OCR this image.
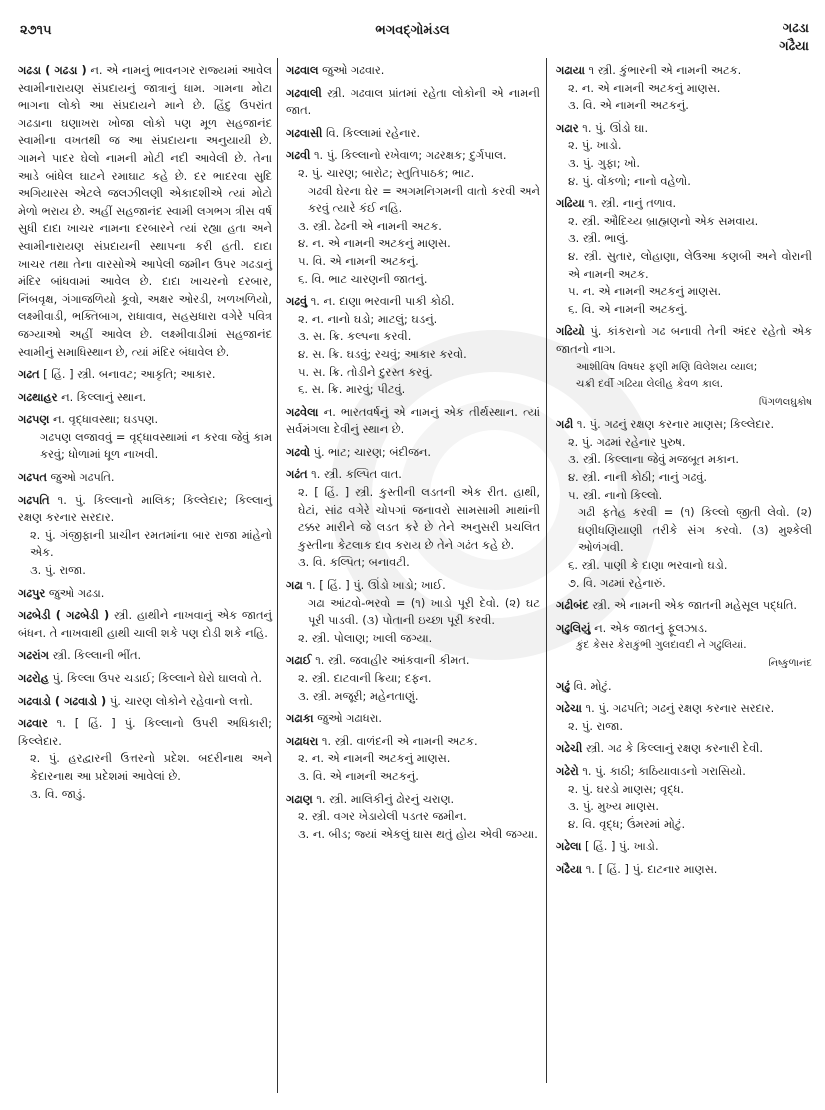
૨૭૧૫	ભગવદ્ગોમંડલ	ગઢડા
ગઢૈયા
ગઢડા ( ગઢડા ) ન. એ નામનું ભાવનગર રાજ્યમાં આવેલ સ્વામીનારાયણ સંપ્રદાયનું જાત્રાનું ધામ. ગામના મોટા ભાગના લોકો આ સંપ્રદાયને માને છે. હિંદુ ઉપરાંત ગઢડાના ઘણાખરા ખોજા લોકો પણ મૂળ સહજાનંદ સ્વામીના વખતથી જ આ સંપ્રદાયના અનુયાયી છે. ગામને પાદર ઘેલો નામની મોટી નદી આવેલી છે. તેના આડે બાંધેલ ઘાટને રમાઘાટ કહે છે. દર ભાદરવા સુદિ અગિયારસ એટલે જલઝીલણી એકાદશીએ ત્યાં મોટો મેળો ભરાય છે. અહીં સહજાનંદ સ્વામી લગભગ ત્રીસ વર્ષ સુધી દાદા ખાચર નામના દરબારને ત્યાં રહ્યા હતા અને સ્વામીનારાયણ સંપ્રદાયની સ્થાપના કરી હતી. દાદા ખાચર તથા તેના વારસોએ આપેલી જમીન ઉપર ગઢડાનું મંદિર બાંધવામાં આવેલ છે. દાદા ખાચરનો દરબાર, નિંબવૃક્ષ, ગંગાજળિયો કૂવો, અક્ષર ઓરડી, ખળખળિયો, લક્ષ્મીવાડી, ભક્તિબાગ, રાધાવાવ, સહસ્રધારા વગેરે પવિત્ર જગ્યાઓ અહીં આવેલ છે. લક્ષ્મીવાડીમાં સહજાનંદ સ્વામીનું સમાધિસ્થાન છે, ત્યાં મંદિર બંધાવેલ છે.
ગઢત [ હિં. ] સ્ત્રી. બનાવટ; આકૃતિ; આકાર.
ગઢથાહર ન. કિલ્લાનું સ્થાન.
ગઢપણ ન. વૃદ્ધાવસ્થા; ઘડપણ.
ગઢપણ લજાવવું = વૃદ્ધાવસ્થામાં ન કરવા જેવું કામ કરવું; ધોળામાં ધૂળ નાખવી.
ગઢપત જુઓ ગઢપતિ.
ગઢપતિ ૧. પું. કિલ્લાનો માલિક; કિલ્લેદાર; કિલ્લાનું રક્ષણ કરનાર સરદાર.
૨. પું. ગંજીફાની પ્રાચીન રમતમાંના બાર રાજા માંહેનો એક.
૩. પું. રાજા.
ગઢપુર જુઓ ગઢડા.
ગઢબેડી ( ગઢબેડી ) સ્ત્રી. હાથીને નાખવાનું એક જાતનું બંધન. તે નાખવાથી હાથી ચાલી શકે પણ દોડી શકે નહિ.
ગઢરાંગ સ્ત્રી. કિલ્લાની ભીંત.
ગઢરોહ પું. કિલ્લા ઉપર ચડાઈ; કિલ્લાને ઘેરો ઘાલવો તે.
ગઢવાડો ( ગઢવાડો ) પું. ચારણ લોકોને રહેવાનો લત્તો.
ગઢવાર ૧. [ હિં. ] પું. કિલ્લાનો ઉપરી અધિકારી; કિલ્લેદાર.
૨. પું. હરદ્વારની ઉત્તરનો પ્રદેશ. બદરીનાથ અને કેદારનાથ આ પ્રદેશમાં આવેલાં છે.
૩. વિ. જાડું.
ગઢવાલ જુઓ ગઢવાર.
ગઢવાલી સ્ત્રી. ગઢવાલ પ્રાંતમાં રહેતા લોકોની એ નામની જાત.
ગઢવાસી વિ. કિલ્લામાં રહેનાર.
ગઢવી ૧. પું. કિલ્લાનો રખેવાળ; ગઢરક્ષક; દુર્ગપાલ.
૨. પું. ચારણ; બારોટ; સ્તુતિપાઠક; ભાટ.
ગઢવી ઘેરના ઘેર = અગમનિગમની વાતો કરવી અને કરવું ત્યારે કંઈ નહિ.
૩. સ્ત્રી. ઢેઢની એ નામની અટક.
૪. ન. એ નામની અટકનું માણસ.
૫. વિ. એ નામની અટકનું.
૬. વિ. ભાટ ચારણની જાતનું.
ગઢવું ૧. ન. દાણા ભરવાની પાકી કોઠી.
૨. ન. નાનો ઘડો; માટલું; ઘડનું.
૩. સ. ક્રિ. કલ્પના કરવી.
૪. સ. ક્રિ. ઘડવું; રચવું; આકાર કરવો.
૫. સ. ક્રિ. તોડીને દુરસ્ત કરવું.
૬. સ. ક્રિ. મારવું; પીટવું.
ગઢવેલા ન. ભારતવર્ષનું એ નામનું એક તીર્થસ્થાન. ત્યાં સર્વમંગલા દેવીનું સ્થાન છે.
ગઢવો પું. ભાટ; ચારણ; બંદીજન.
ગઢંત ૧. સ્ત્રી. કલ્પિત વાત.
૨. [ હિં. ] સ્ત્રી. કુસ્તીની લડતની એક રીત. હાથી, ઘેટાં, સાંઢ વગેરે ચોપગાં જનાવરો સામસામી માથાંની ટક્કર મારીને જે લડત કરે છે તેને અનુસરી પ્રચલિત કુસ્તીના કેટલાક દાવ કરાય છે તેને ગઢંત કહે છે.
૩. વિ. કલ્પિત; બનાવટી.
ગઢા ૧. [ હિં. ] પું. ઊંડો ખાડો; ખાઈ.
ગઢા આંટવો-ભરવો = (૧) ખાડો પૂરી દેવો. (૨) ઘટ પૂરી પાડવી. (૩) પોતાની ઇચ્છા પૂરી કરવી.
૨. સ્ત્રી. પોલાણ; ખાલી જગ્યા.
ગઢાઈ ૧. સ્ત્રી. જવાહીર આંકવાની કીમત.
૨. સ્ત્રી. દાટવાની ક્રિયા; દફન.
૩. સ્ત્રી. મજૂરી; મહેનતાણું.
ગઢાકા જુઓ ગઢાધરા.
ગઢાધરા ૧. સ્ત્રી. વાળંદની એ નામની અટક.
૨. ન. એ નામની અટકનું માણસ.
૩. વિ. એ નામની અટકનું.
ગઢાણ ૧. સ્ત્રી. માલિકીનું ઢોરનું ચરાણ.
૨. સ્ત્રી. વગર ખેડાયેલી પડતર જમીન.
૩. ન. બીડ; જ્યાં એકલું ઘાસ થતું હોય એવી જગ્યા.
ગઢાયા ૧ સ્ત્રી. કુંભારની એ નામની અટક.
૨. ન. એ નામની અટકનું માણસ.
૩. વિ. એ નામની અટકનું.
ગઢાર ૧. પું. ઊંડો ઘા.
૨. પું. ખાડો.
૩. પું. ગુફા; ખો.
૪. પું. વોંકળો; નાનો વહેળો.
ગઢિયા ૧. સ્ત્રી. નાનું તળાવ.
૨. સ્ત્રી. ઔદિચ્ય બ્રાહ્મણનો એક સમવાય.
૩. સ્ત્રી. ભાલું.
૪. સ્ત્રી. સુતાર, લોહાણા, લેઉઆ કણબી અને વોરાની એ નામની અટક.
૫. ન. એ નામની અટકનું માણસ.
૬. વિ. એ નામની અટકનું.
ગઢિયો પું. કાંકરાનો ગઢ બનાવી તેની અંદર રહેતો એક જાતનો નાગ.
આશીવિષ વિષધર ફણી મણિ વિલેશય વ્યાલ;
ચક્રી દર્વી ગઢિયા લેલીહ કેવળ કાલ.
પિંગળલઘુકોષ
ગઢી ૧. પું. ગઢનું રક્ષણ કરનાર માણસ; કિલ્લેદાર.
૨. પું. ગઢમાં રહેનાર પુરુષ.
૩. સ્ત્રી. કિલ્લાના જેવું મજબૂત મકાન.
૪. સ્ત્રી. નાની કોઠી; નાનું ગઢવું.
૫. સ્ત્રી. નાનો કિલ્લો.
ગઢી ફતેહ કરવી = (૧) કિલ્લો જીતી લેવો. (૨) ધણીધણિયાણી તરીકે સંગ કરવો. (૩) મુશ્કેલી ઓળંગવી.
૬. સ્ત્રી. પાણી કે દાણા ભરવાનો ઘડો.
૭. વિ. ગઢમાં રહેનારું.
ગઢીબંદ સ્ત્રી. એ નામની એક જાતની મહેસૂલ પદ્ધતિ.
ગઢુલિયું ન. એક જાતનું ફૂલઝાડ.
કુંદ કેસર કેરાકુંભી ગુલદાવદી ને ગઢુલિયાં.
નિષ્કુળાનંદ
ગઢું વિ. મોટું.
ગઢેચા ૧. પું. ગઢપતિ; ગઢનું રક્ષણ કરનાર સરદાર.
૨. પું. રાજા.
ગઢેચી સ્ત્રી. ગઢ કે કિલ્લાનું રક્ષણ કરનારી દેવી.
ગઢેરો ૧. પું. કાઠી; કાઠિયાવાડનો ગરાસિયો.
૨. પું. ઘરડો માણસ; વૃદ્ધ.
૩. પું. મુખ્ય માણસ.
૪. વિ. વૃદ્ધ; ઉંમરમાં મોટું.
ગઢેલા [ હિં. ] પું. ખાડો.
ગઢૈયા ૧. [ હિં. ] પું. દાટનાર માણસ.
